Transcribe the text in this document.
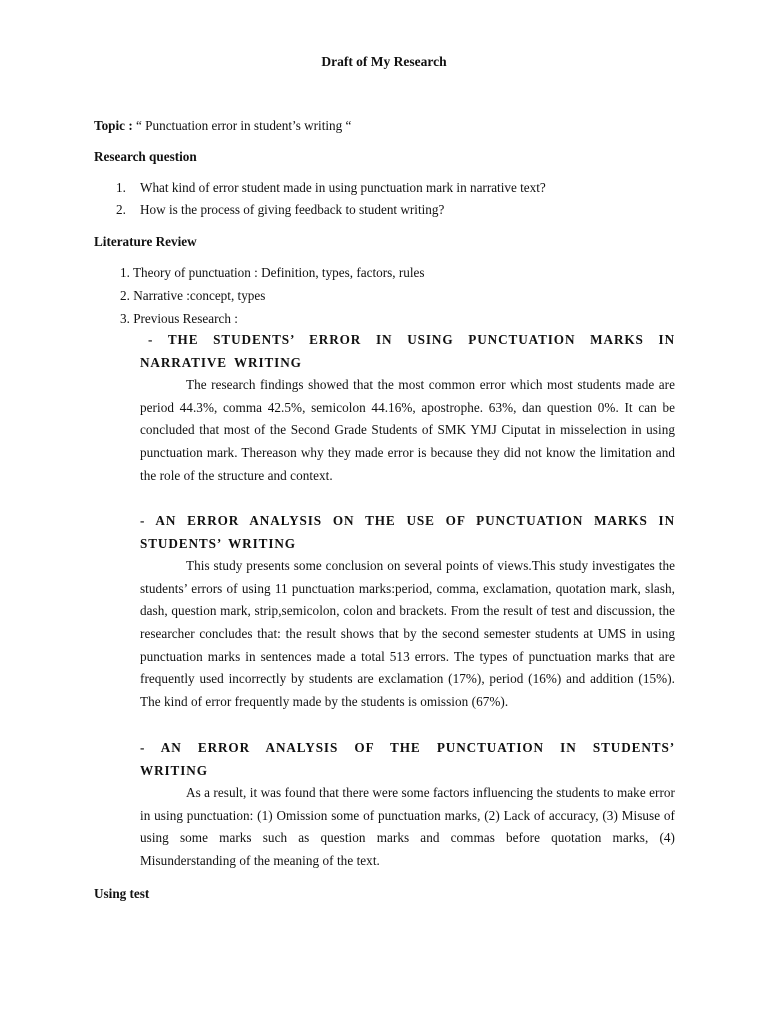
Draft of My Research
Topic : “ Punctuation error in student’s writing “
Research question
1. What kind of error student made in using punctuation mark in narrative text?
2. How is the process of giving feedback to student writing?
Literature Review
1. Theory of punctuation : Definition, types, factors, rules
2. Narrative :concept, types
3. Previous Research :
- THE STUDENTS’ ERROR IN USING PUNCTUATION MARKS IN NARRATIVE WRITING
The research findings showed that the most common error which most students made are period 44.3%, comma 42.5%, semicolon 44.16%, apostrophe. 63%, dan question 0%. It can be concluded that most of the Second Grade Students of SMK YMJ Ciputat in misselection in using punctuation mark. Thereason why they made error is because they did not know the limitation and the role of the structure and context.
- AN ERROR ANALYSIS ON THE USE OF PUNCTUATION MARKS IN STUDENTS’ WRITING
This study presents some conclusion on several points of views.This study investigates the students’ errors of using 11 punctuation marks:period, comma, exclamation, quotation mark, slash, dash, question mark, strip,semicolon, colon and brackets. From the result of test and discussion, the researcher concludes that: the result shows that by the second semester students at UMS in using punctuation marks in sentences made a total 513 errors. The types of punctuation marks that are frequently used incorrectly by students are exclamation (17%), period (16%) and addition (15%). The kind of error frequently made by the students is omission (67%).
- AN ERROR ANALYSIS OF THE PUNCTUATION IN STUDENTS’ WRITING
As a result, it was found that there were some factors influencing the students to make error in using punctuation: (1) Omission some of punctuation marks, (2) Lack of accuracy, (3) Misuse of using some marks such as question marks and commas before quotation marks, (4) Misunderstanding of the meaning of the text.
Using test
